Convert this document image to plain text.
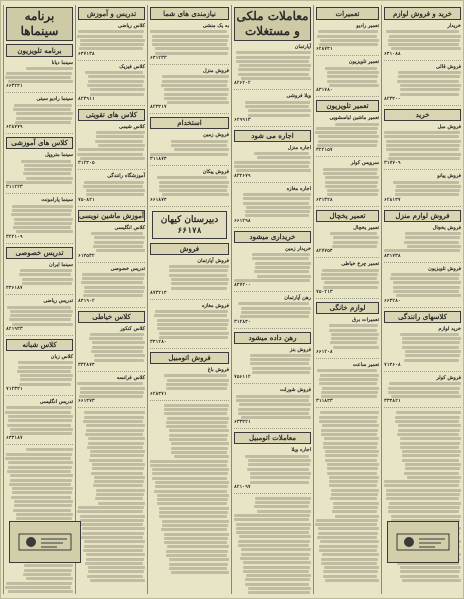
برنامه سینماها
برنامه تلویزیون
سینما دیانا
۶۶۳۲۴۱
سینما رادیو سیتی
۶۲۸۷۷۹
کلاس های آموزشی
سینما متروپل
۳۱۱۲۲۳
سینما پارامونت
۳۲۲۱۰۹
تدریس خصوصی
سینما ایران
۴۴۶۱۸۷
تدریس ریاضی
۸۲۱۹۴۳
کلاس شبانه
کلاس زبان
۷۱۲۳۴۱
تدریس انگلیسی
۶۴۳۱۸۷
تدریس و آموزش
کلاس ریاضی
۶۴۷۱۳۸
کلاس فیزیک
۸۲۳۹۱۱
کلاس های تقویتی
کلاس شیمی
۳۱۲۴۰۵
آموزشگاه رانندگی
۷۵۰۸۲۱
آموزش ماشین نویسی
کلاس انگلیسی
۶۱۴۵۳۲
تدریس خصوصی
۸۴۱۹۰۲
کلاس خیاطی
کلاس کنکور
۳۳۲۸۷۴
کلاس فرانسه
۶۶۱۴۷۳
نیازمندی های شما
به یک منشی
۶۴۱۲۳۳
فروش منزل
۸۲۳۴۱۷
استخدام
فروش زمین
۳۱۱۸۷۴
فروش پیکان
۶۶۱۸۷۴
دبیرستان کیهان
۶۶۱۷۸
فروش
فروش آپارتمان
۸۷۳۲۱۴
فروش مغازه
۳۴۱۲۸۰
فروش اتومبیل
فروش باغ
۶۲۸۴۷۱
معاملات ملکی و مستغلات
آپارتمان
۸۲۶۲۰۲
ویلا فروشی
۶۲۹۹۱۳
اجاره می شود
اجاره منزل
۸۳۲۶۷۹
اجاره مغازه
۶۶۱۲۹۸
خریداری میشود
خریدار زمین
۸۴۷۲۰۰
رهن آپارتمان
۳۱۲۸۴۰
رهن داده میشود
فروش بنز
۷۵۶۱۱۲
فروش شورلت
۶۳۳۴۲۱
معاملات اتومبیل
اجاره ویلا
۸۲۱۰۹۷
تعمیرات
تعمیر رادیو
۶۲۸۷۴۱
تعمیر تلویزیون
۸۳۱۷۸۰
تعمیر تلویزیون
تعمیر ماشین لباسشویی
۳۲۲۱۵۷
سرویس کولر
۶۴۱۳۲۸
تعمیر یخچال
تعمیر یخچال
۸۲۷۷۵۴
تعمیر چرخ خیاطی
۷۵۰۲۱۳
لوازم خانگی
تعمیرات برق
۶۶۱۲۰۸
تعمیر ساعت
۳۱۱۸۴۳
خرید و فروش لوازم
خریدار
۶۴۱۰۸۸
فروش قالی
۸۲۳۴۰۰
خرید
فروش مبل
۳۱۷۷۰۹
فروش پیانو
۶۲۸۱۴۷
فروش لوازم منزل
فروش یخچال
۸۴۱۷۳۸
فروش تلویزیون
۶۶۳۲۸۰
کلاسهای رانندگی
خرید لوازم
۷۱۴۶۰۸
فروش کولر
۳۳۴۸۲۱
